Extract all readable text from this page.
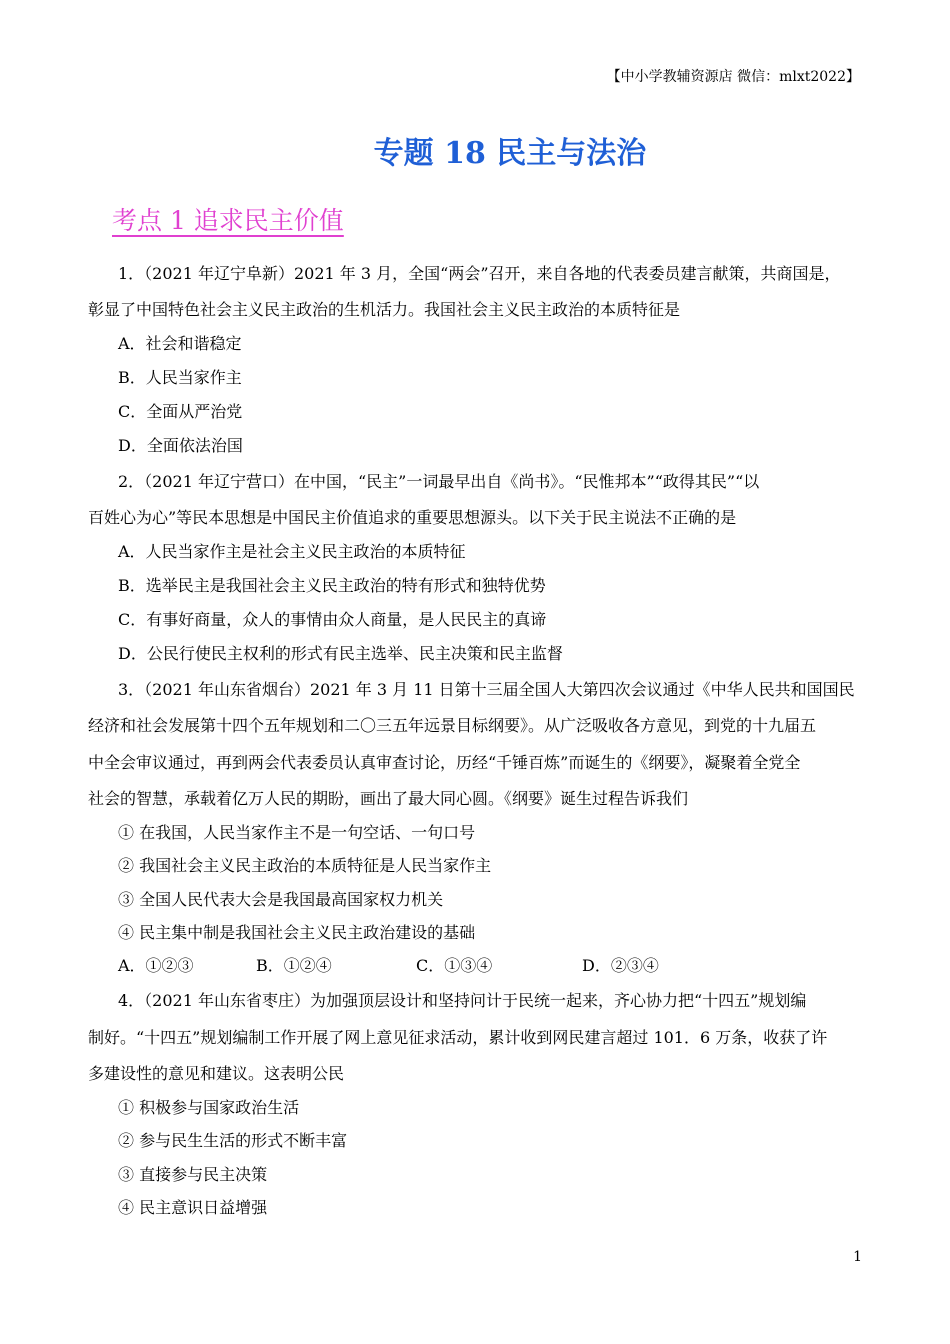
【中小学教辅资源店 微信：mlxt2022】
专题 18 民主与法治
考点 1 追求民主价值
1．（2021 年辽宁阜新）2021 年 3 月，全国“两会”召开，来自各地的代表委员建言献策，共商国是，
彰显了中国特色社会主义民主政治的生机活力。我国社会主义民主政治的本质特征是
A．社会和谐稳定
B．人民当家作主
C．全面从严治党
D．全面依法治国
2．（2021 年辽宁营口）在中国，“民主”一词最早出自《尚书》。“民惟邦本”“政得其民”“以
百姓心为心”等民本思想是中国民主价值追求的重要思想源头。以下关于民主说法不正确的是
A．人民当家作主是社会主义民主政治的本质特征
B．选举民主是我国社会主义民主政治的特有形式和独特优势
C．有事好商量，众人的事情由众人商量，是人民民主的真谛
D．公民行使民主权利的形式有民主选举、民主决策和民主监督
3．（2021 年山东省烟台）2021 年 3 月 11 日第十三届全国人大第四次会议通过《中华人民共和国国民
经济和社会发展第十四个五年规划和二〇三五年远景目标纲要》。从广泛吸收各方意见，到党的十九届五
中全会审议通过，再到两会代表委员认真审查讨论，历经“千锤百炼”而诞生的《纲要》，凝聚着全党全
社会的智慧，承载着亿万人民的期盼，画出了最大同心圆。《纲要》诞生过程告诉我们
① 在我国，人民当家作主不是一句空话、一句口号
② 我国社会主义民主政治的本质特征是人民当家作主
③ 全国人民代表大会是我国最高国家权力机关
④ 民主集中制是我国社会主义民主政治建设的基础
A．①②③	B．①②④	C．①③④	D．②③④
4．（2021 年山东省枣庄）为加强顶层设计和坚持问计于民统一起来，齐心协力把“十四五”规划编
制好。“十四五”规划编制工作开展了网上意见征求活动，累计收到网民建言超过 101．6 万条，收获了许
多建设性的意见和建议。这表明公民
① 积极参与国家政治生活
② 参与民生生活的形式不断丰富
③ 直接参与民主决策
④ 民主意识日益增强
1
